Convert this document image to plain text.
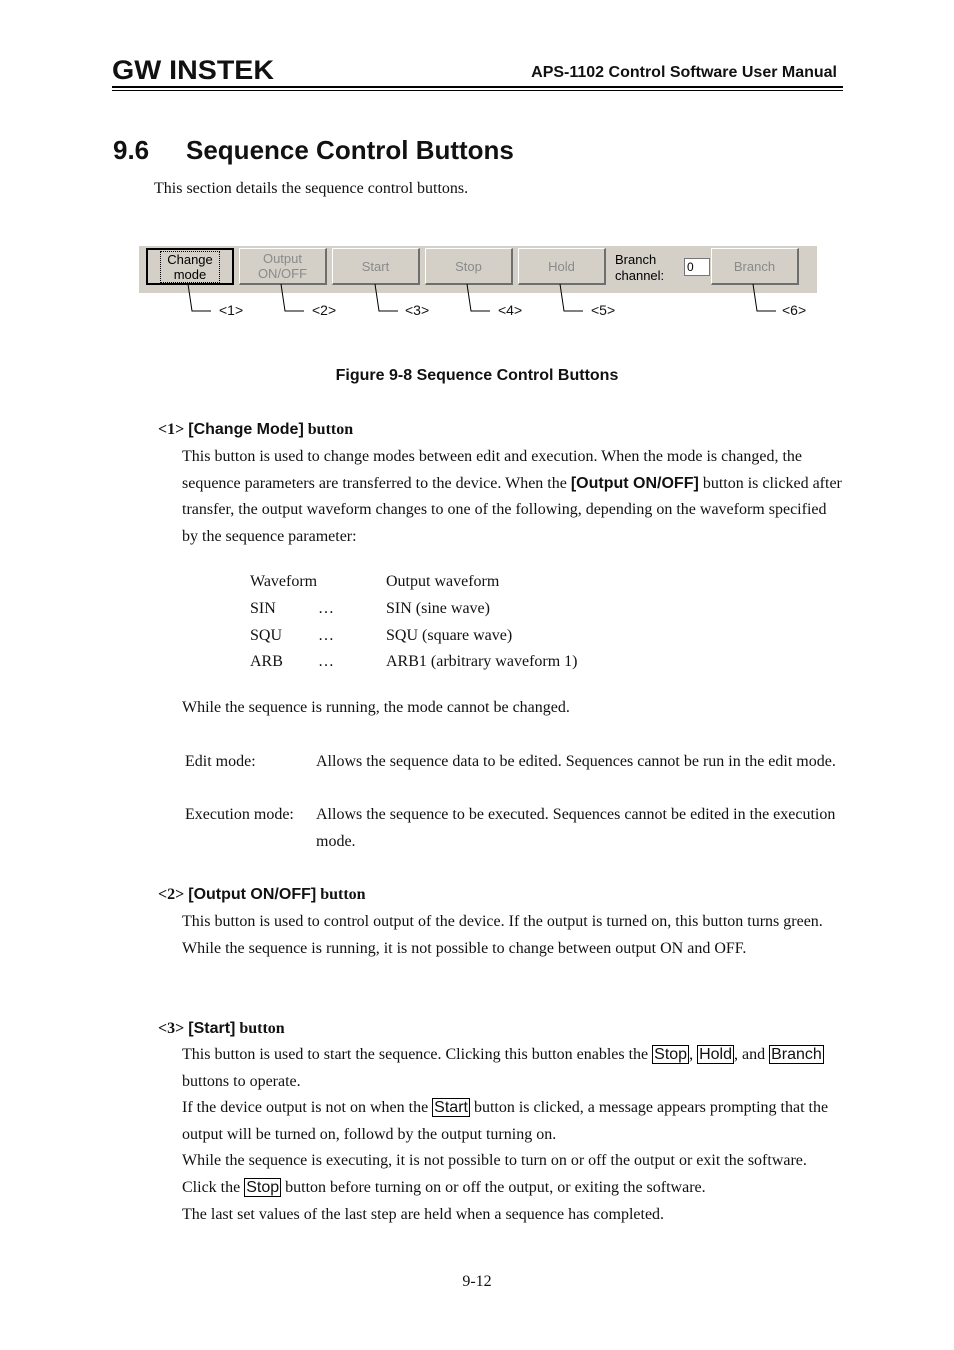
GW INSTEK	APS-1102 Control Software User Manual
9.6 Sequence Control Buttons
This section details the sequence control buttons.
Change
mode
Output
ON/OFF	Start	Stop	Hold	Branch
channel:
0	Branch
<1>	<2>	<3>	<4>	<5>	<6>
Figure 9-8 Sequence Control Buttons
<1> [Change Mode] button
This button is used to change modes between edit and execution. When the mode is changed, the sequence parameters are transferred to the device. When the [Output ON/OFF] button is clicked after transfer, the output waveform changes to one of the following, depending on the waveform specified by the sequence parameter:
Waveform	Output waveform
SIN	…	SIN (sine wave)
SQU …	SQU (square wave)
ARB …	ARB1 (arbitrary waveform 1)
While the sequence is running, the mode cannot be changed.
Edit mode:	Allows the sequence data to be edited. Sequences cannot be run in the edit mode.
Execution mode: Allows the sequence to be executed. Sequences cannot be edited in the execution mode.
<2> [Output ON/OFF] button
This button is used to control output of the device. If the output is turned on, this button turns green. While the sequence is running, it is not possible to change between output ON and OFF.
<3> [Start] button
This button is used to start the sequence. Clicking this button enables the Stop , Hold , and Branch buttons to operate.
If the device output is not on when the Start button is clicked, a message appears prompting that the output will be turned on, followd by the output turning on.
While the sequence is executing, it is not possible to turn on or off the output or exit the software. Click the Stop button before turning on or off the output, or exiting the software.
The last set values of the last step are held when a sequence has completed.
9-12
